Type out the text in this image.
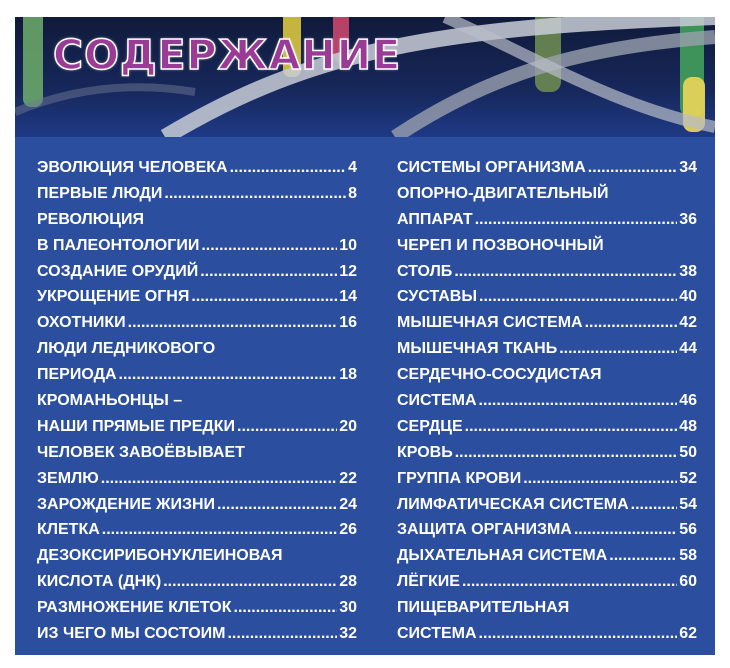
СОДЕРЖАНИЕ
ЭВОЛЮЦИЯ ЧЕЛОВЕКА .....	4
ПЕРВЫЕ ЛЮДИ .....	8
РЕВОЛЮЦИЯ
В ПАЛЕОНТОЛОГИИ .....	10
СОЗДАНИЕ ОРУДИЙ .....	12
УКРОЩЕНИЕ ОГНЯ .....	14
ОХОТНИКИ .....	16
ЛЮДИ ЛЕДНИКОВОГО
ПЕРИОДА .....	18
КРОМАНЬОНЦЫ –
НАШИ ПРЯМЫЕ ПРЕДКИ .....	20
ЧЕЛОВЕК ЗАВОЁВЫВАЕТ
ЗЕМЛЮ .....	22
ЗАРОЖДЕНИЕ ЖИЗНИ .....	24
КЛЕТКА .....	26
ДЕЗОКСИРИБОНУКЛЕИНОВАЯ
КИСЛОТА (ДНК) .....	28
РАЗМНОЖЕНИЕ КЛЕТОК .....	30
ИЗ ЧЕГО МЫ СОСТОИМ .....	32
СИСТЕМЫ ОРГАНИЗМА .....	34
ОПОРНО-ДВИГАТЕЛЬНЫЙ
АППАРАТ .....	36
ЧЕРЕП И ПОЗВОНОЧНЫЙ
СТОЛБ .....	38
СУСТАВЫ .....	40
МЫШЕЧНАЯ СИСТЕМА .....	42
МЫШЕЧНАЯ ТКАНЬ .....	44
СЕРДЕЧНО-СОСУДИСТАЯ
СИСТЕМА .....	46
СЕРДЦЕ .....	48
КРОВЬ .....	50
ГРУППА КРОВИ .....	52
ЛИМФАТИЧЕСКАЯ СИСТЕМА .....	54
ЗАЩИТА ОРГАНИЗМА .....	56
ДЫХАТЕЛЬНАЯ СИСТЕМА .....	58
ЛЁГКИЕ .....	60
ПИЩЕВАРИТЕЛЬНАЯ
СИСТЕМА .....	62
